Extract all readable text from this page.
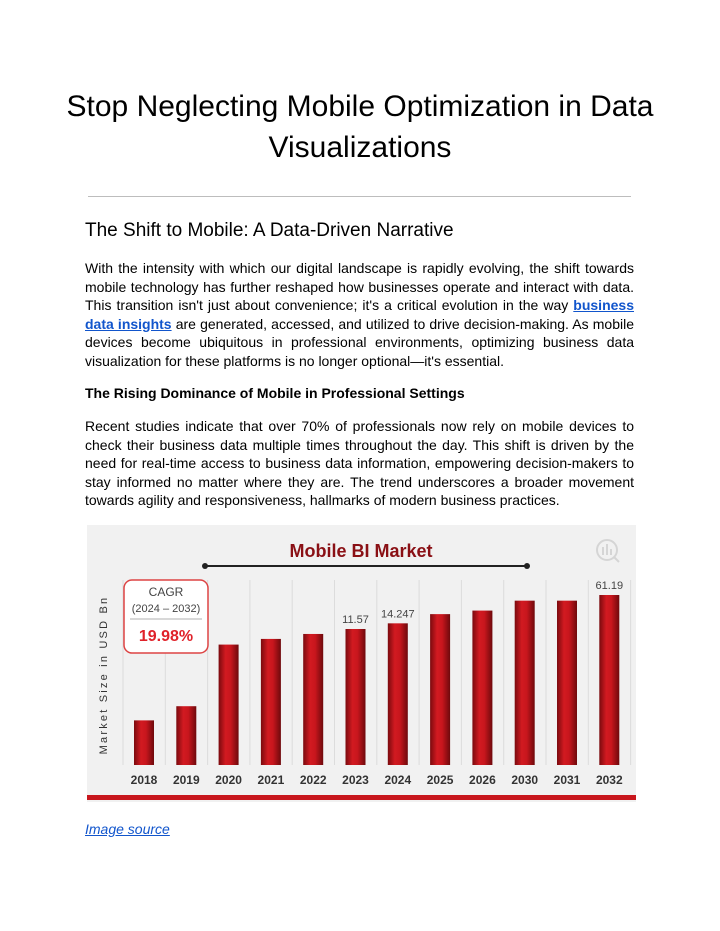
Stop Neglecting Mobile Optimization in Data Visualizations
The Shift to Mobile: A Data-Driven Narrative
With the intensity with which our digital landscape is rapidly evolving, the shift towards mobile technology has further reshaped how businesses operate and interact with data. This transition isn't just about convenience; it's a critical evolution in the way business data insights are generated, accessed, and utilized to drive decision-making. As mobile devices become ubiquitous in professional environments, optimizing business data visualization for these platforms is no longer optional—it's essential.
The Rising Dominance of Mobile in Professional Settings
Recent studies indicate that over 70% of professionals now rely on mobile devices to check their business data multiple times throughout the day. This shift is driven by the need for real-time access to business data information, empowering decision-makers to stay informed no matter where they are. The trend underscores a broader movement towards agility and responsiveness, hallmarks of modern business practices.
Mobile BI Market
Market Size in USD Bn
CAGR
(2024 – 2032)
19.98%
2018 2019 2020 2021 2022 2023 2024 2025 2026 2030 2031 2032
11.57 14.247
61.19
Image source
